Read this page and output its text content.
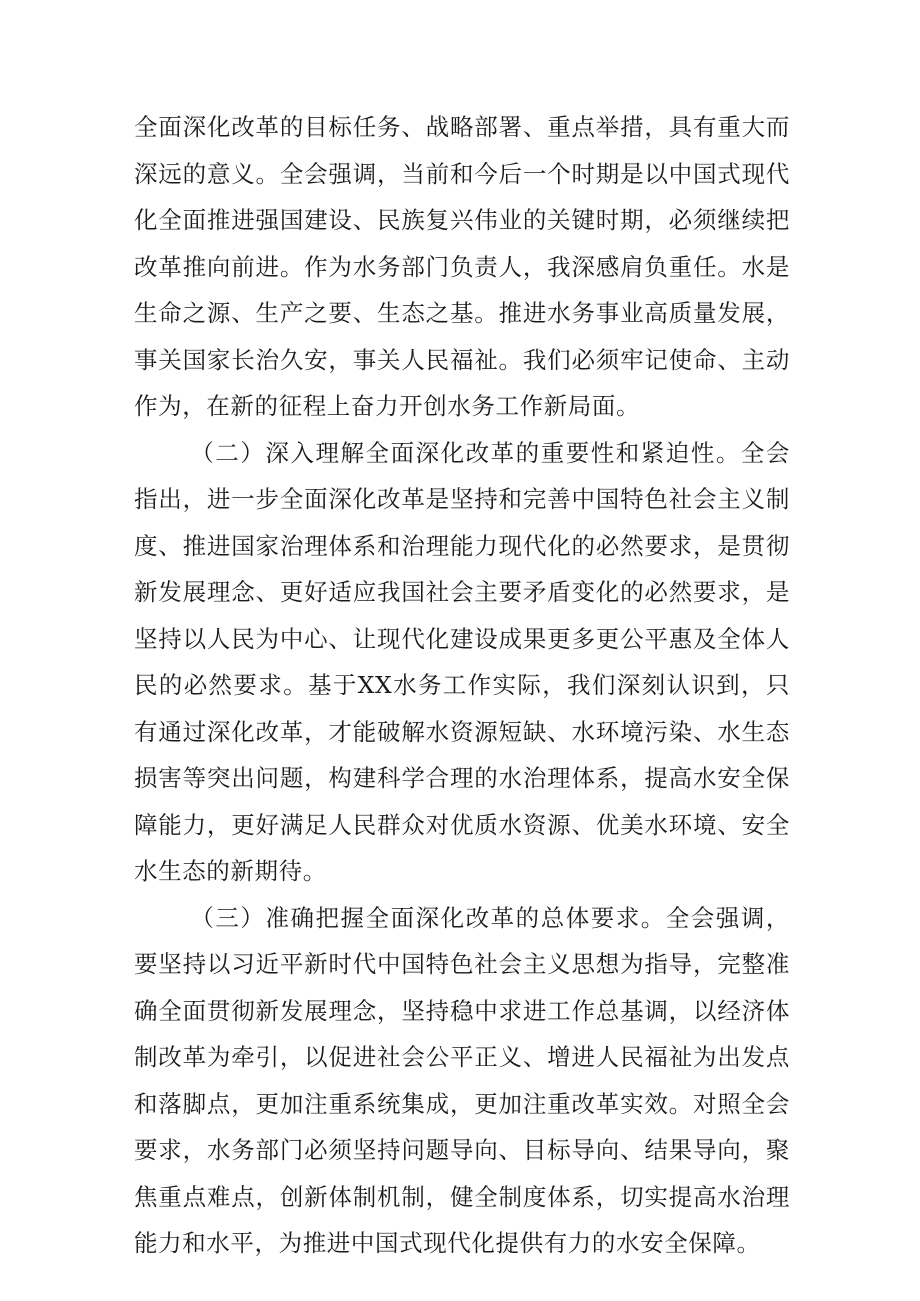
全面深化改革的目标任务、战略部署、重点举措，具有重大而深远的意义。全会强调，当前和今后一个时期是以中国式现代化全面推进强国建设、民族复兴伟业的关键时期，必须继续把改革推向前进。作为水务部门负责人，我深感肩负重任。水是生命之源、生产之要、生态之基。推进水务事业高质量发展，事关国家长治久安，事关人民福祉。我们必须牢记使命、主动作为，在新的征程上奋力开创水务工作新局面。

（二）深入理解全面深化改革的重要性和紧迫性。全会指出，进一步全面深化改革是坚持和完善中国特色社会主义制度、推进国家治理体系和治理能力现代化的必然要求，是贯彻新发展理念、更好适应我国社会主要矛盾变化的必然要求，是坚持以人民为中心、让现代化建设成果更多更公平惠及全体人民的必然要求。基于XX水务工作实际，我们深刻认识到，只有通过深化改革，才能破解水资源短缺、水环境污染、水生态损害等突出问题，构建科学合理的水治理体系，提高水安全保障能力，更好满足人民群众对优质水资源、优美水环境、安全水生态的新期待。

（三）准确把握全面深化改革的总体要求。全会强调，要坚持以习近平新时代中国特色社会主义思想为指导，完整准确全面贯彻新发展理念，坚持稳中求进工作总基调，以经济体制改革为牵引，以促进社会公平正义、增进人民福祉为出发点和落脚点，更加注重系统集成，更加注重改革实效。对照全会要求，水务部门必须坚持问题导向、目标导向、结果导向，聚焦重点难点，创新体制机制，健全制度体系，切实提高水治理能力和水平，为推进中国式现代化提供有力的水安全保障。
